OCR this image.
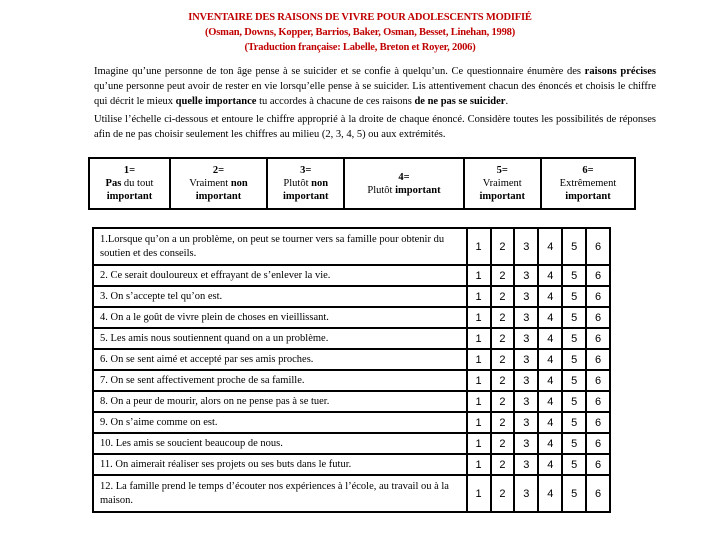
INVENTAIRE DES RAISONS DE VIVRE POUR ADOLESCENTS MODIFIÉ
(Osman, Downs, Kopper, Barrios, Baker, Osman, Besset, Linehan, 1998)
(Traduction française: Labelle, Breton et Royer, 2006)
Imagine qu’une personne de ton âge pense à se suicider et se confie à quelqu’un. Ce questionnaire énumère des raisons précises qu’une personne peut avoir de rester en vie lorsqu’elle pense à se suicider. Lis attentivement chacun des énoncés et choisis le chiffre qui décrit le mieux quelle importance tu accordes à chacune de ces raisons de ne pas se suicider.
Utilise l’échelle ci-dessous et entoure le chiffre approprié à la droite de chaque énoncé. Considère toutes les possibilités de réponses afin de ne pas choisir seulement les chiffres au milieu (2, 3, 4, 5) ou aux extrémités.
1=
Pas du tout
important	2=
Vraiment non
important	3=
Plutôt non
important	4=
Plutôt important	5=
Vraiment
important	6=
Extrêmement
important
1.Lorsque qu’on a un problème, on peut se tourner vers sa famille pour obtenir du soutien et des conseils.	1	2	3	4	5	6
2. Ce serait douloureux et effrayant de s’enlever la vie.	1	2	3	4	5	6
3. On s’accepte tel qu’on est.	1	2	3	4	5	6
4. On a le goût de vivre plein de choses en vieillissant.	1	2	3	4	5	6
5. Les amis nous soutiennent quand on a un problème.	1	2	3	4	5	6
6. On se sent aimé et accepté par ses amis proches.	1	2	3	4	5	6
7. On se sent affectivement proche de sa famille.	1	2	3	4	5	6
8. On a peur de mourir, alors on ne pense pas à se tuer.	1	2	3	4	5	6
9. On s’aime comme on est.	1	2	3	4	5	6
10. Les amis se soucient beaucoup de nous.	1	2	3	4	5	6
11. On aimerait réaliser ses projets ou ses buts dans le futur.	1	2	3	4	5	6
12. La famille prend le temps d’écouter nos expériences à l’école, au travail ou à la maison.	1	2	3	4	5	6
